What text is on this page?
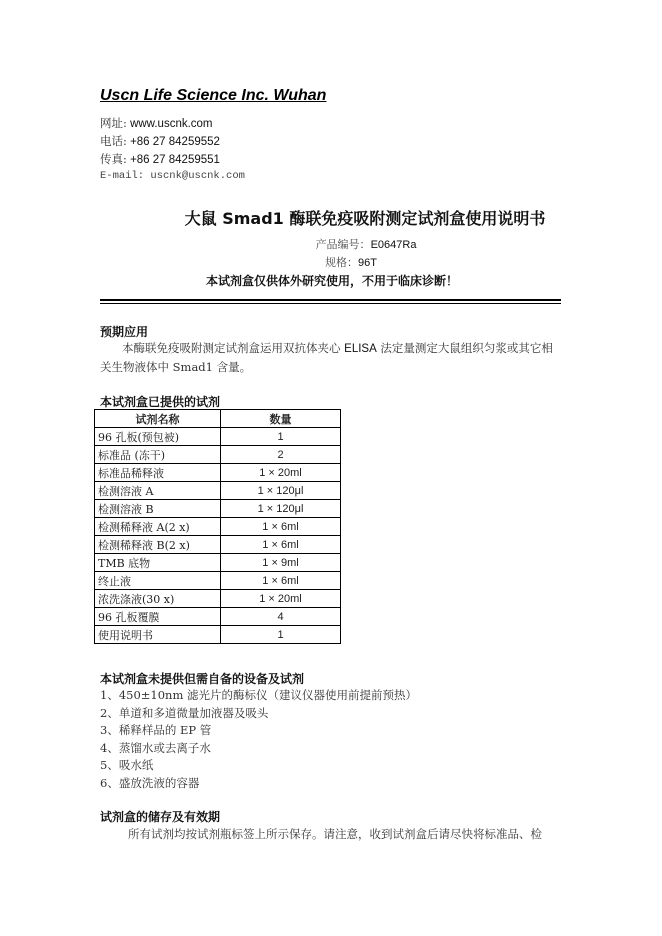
Uscn Life Science Inc. Wuhan
网址: www.uscnk.com
电话: +86 27 84259552
传真: +86 27 84259551
E-mail: uscnk@uscnk.com
大鼠 Smad1 酶联免疫吸附测定试剂盒使用说明书
产品编号：E0647Ra
规格：96T
本试剂盒仅供体外研究使用，不用于临床诊断！
预期应用
本酶联免疫吸附测定试剂盒运用双抗体夹心 ELISA 法定量测定大鼠组织匀浆或其它相
关生物液体中 Smad1 含量。
本试剂盒已提供的试剂
试剂名称	数量
96 孔板(预包被)	1
标准品 (冻干)	2
标准品稀释液	1 × 20ml
检测溶液 A	1 × 120μl
检测溶液 B	1 × 120μl
检测稀释液 A(2 x)	1 × 6ml
检测稀释液 B(2 x)	1 × 6ml
TMB 底物	1 × 9ml
终止液	1 × 6ml
浓洗涤液(30 x)	1 × 20ml
96 孔板覆膜	4
使用说明书	1
本试剂盒未提供但需自备的设备及试剂
1、450±10nm 滤光片的酶标仪（建议仪器使用前提前预热）
2、单道和多道微量加液器及吸头
3、稀释样品的 EP 管
4、蒸馏水或去离子水
5、吸水纸
6、盛放洗液的容器
试剂盒的储存及有效期
所有试剂均按试剂瓶标签上所示保存。请注意，收到试剂盒后请尽快将标准品、检
